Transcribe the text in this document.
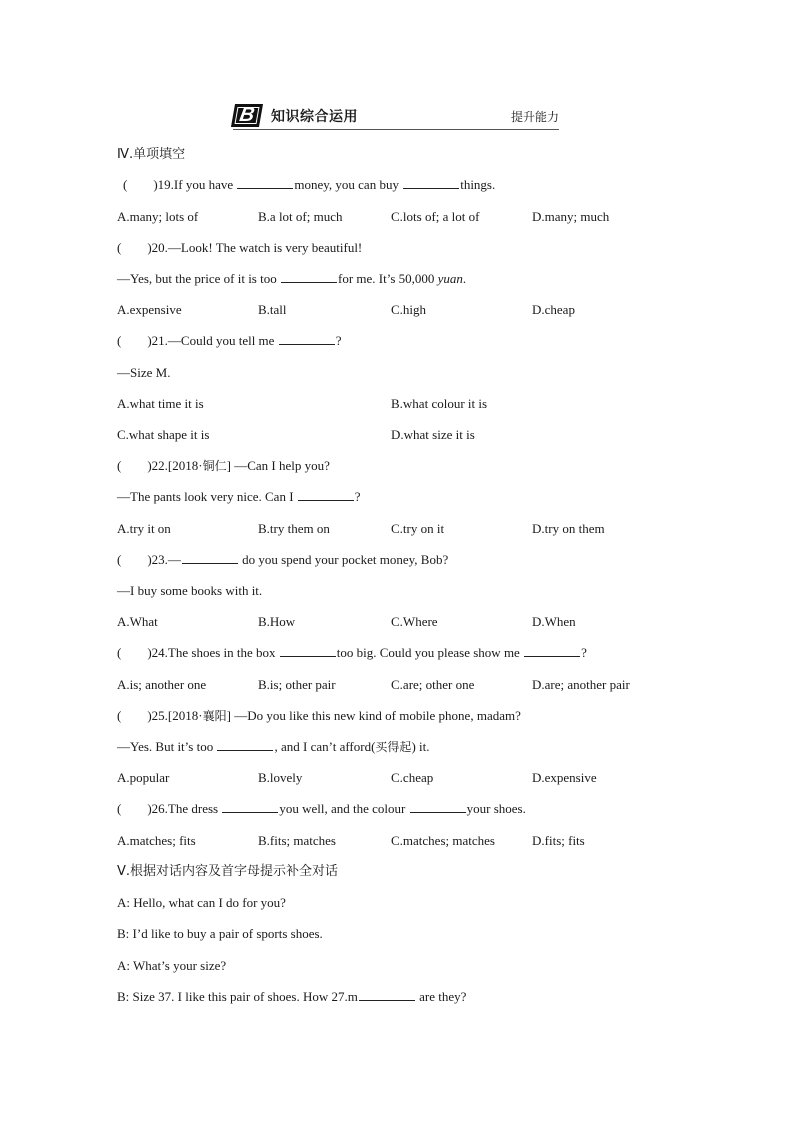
B	知识综合运用	提升能力
Ⅳ.单项填空
(　　)19.If you have	money, you can buy	things.
A.many; lots of	B.a lot of; much	C.lots of; a lot of	D.many; much
(　　)20.—Look! The watch is very beautiful!
—Yes, but the price of it is too	for me. It’s 50,000 yuan.
A.expensive	B.tall	C.high	D.cheap
(　　)21.—Could you tell me	?
—Size M.
A.what time it is	B.what colour it is
C.what shape it is	D.what size it is
(　　)22.[2018·铜仁] —Can I help you?
—The pants look very nice. Can I	?
A.try it on	B.try them on	C.try on it	D.try on them
(　　)23.—	do you spend your pocket money, Bob?
—I buy some books with it.
A.What	B.How	C.Where	D.When
(　　)24.The shoes in the box	too big. Could you please show me	?
A.is; another one	B.is; other pair	C.are; other one	D.are; another pair
(　　)25.[2018·襄阳] —Do you like this new kind of mobile phone, madam?
—Yes. But it’s too	, and I can’t afford(买得起) it.
A.popular	B.lovely	C.cheap	D.expensive
(　　)26.The dress	you well, and the colour	your shoes.
A.matches; fits	B.fits; matches	C.matches; matches	D.fits; fits
Ⅴ.根据对话内容及首字母提示补全对话
A: Hello, what can I do for you?
B: I’d like to buy a pair of sports shoes.
A: What’s your size?
B: Size 37. I like this pair of shoes. How 27.m	are they?
